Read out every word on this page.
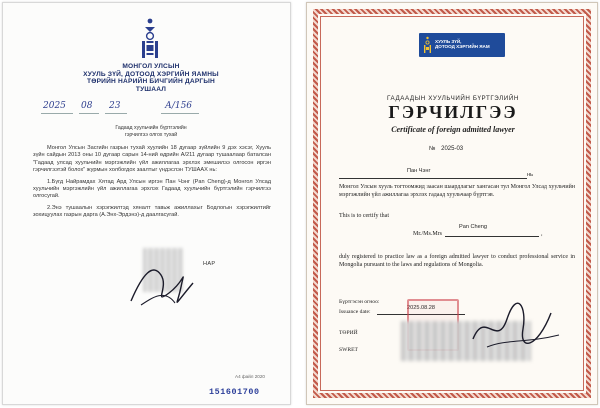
МОНГОЛ УЛСЫН
ХУУЛЬ ЗҮЙ, ДОТООД ХЭРГИЙН ЯАМНЫ
ТӨРИЙН НАРИЙН БИЧГИЙН ДАРГЫН
ТУШААЛ
2025 08 23	А/156
Гадаад хуульчийн бүртгэлийн
гэрчилгээ олгох тухай

Монгол Улсын Засгийн газрын тухай хуулийн 18 дугаар зүйлийн 9 дэх хэсэг, Хууль зүйн сайдын 2013 оны 10 дугаар сарын 14-ний өдрийн А/211 дугаар тушаалаар баталсан "Гадаад улсад хуульчийн мэргэжлийн үйл ажиллагаа эрхлэх эмешилээ олгосон иргэн гэрчилгээтэй болох" журмын холбогдох заалтыг үндэслэн ТУШААХ нь:

1.Бүгд Найрамдах Хятад Ард Улсын иргэн Пан Чэнг (Pan Cheng)-д Монгол Улсад хуульчийн мэргэжлийн үйл ажиллагаа эрхлэх Гадаад хуульчийн бүртгэлийн гэрчилгээ олгосугай.

2.Энэ тушаалын хэрэгжилтэд хяналт тавьж ажиллахыг Бодлогын хэрэгжилтийг зохицуулах газрын дарга (А.Энх-Эрдэнэ)-д даалгасугай.

НАР
А4 файл 2020
151601700
ХУУЛЬ ЗҮЙ,
ДОТООД ХЭРГИЙН ЯАМ
ГАДААДЫН ХУУЛЬЧИЙН БҮРТГЭЛИЙН
ГЭРЧИЛГЭЭ
Certificate of foreign admitted lawyer
№ 2025-03
Пан Чэнг
нь
Монгол Улсын хууль тогтоомжид заасан шаардлагыг хангасан тул Монгол Улсад хуульчийн мэргэжлийн үйл ажиллагаа эрхлэх гадаад хуульчаар бүртгэв.
This is to certify that
Pan Cheng
Mr./Ms.Mrs	,
duly registered to practice law as a foreign admitted lawyer to conduct professional service in Mongolia pursuant to the laws and regulations of Mongolia.
Бүртгэсэн огноо:
2025.08.28
Issuance date:
ТӨРИЙ
SWRET
